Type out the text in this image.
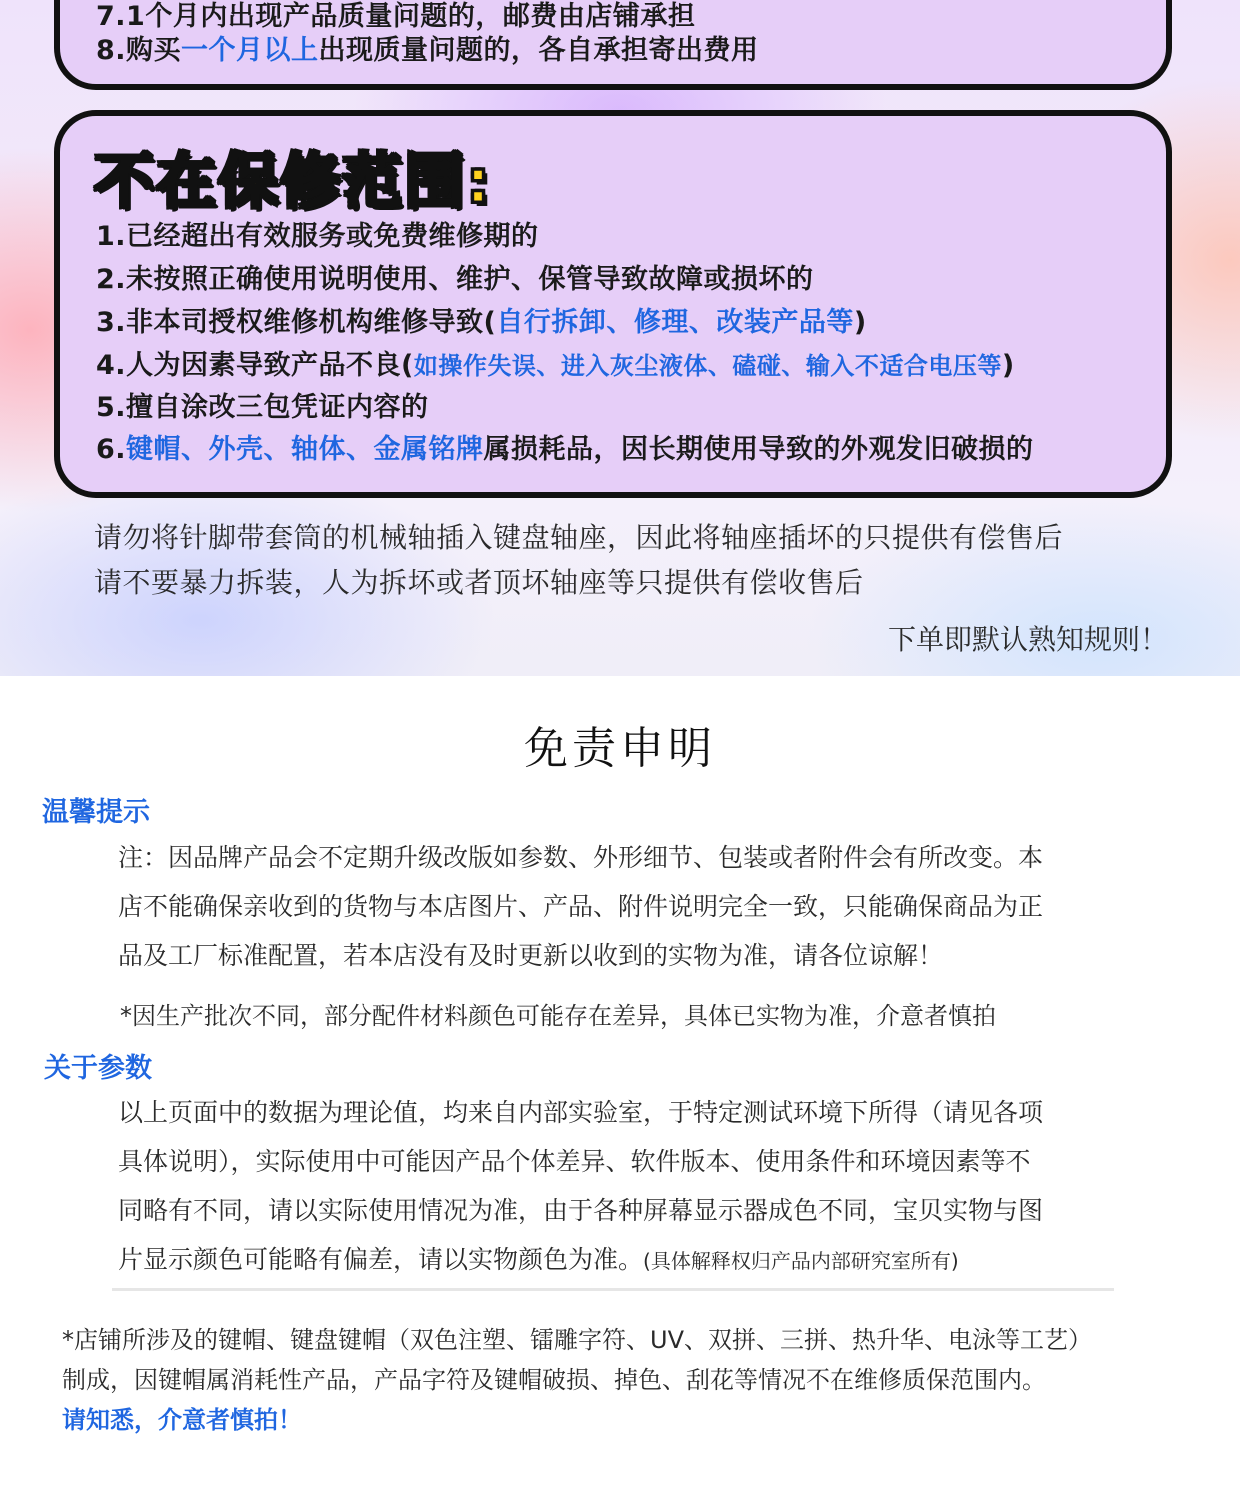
7.1个月内出现产品质量问题的，邮费由店铺承担
8.购买一个月以上出现质量问题的，各自承担寄出费用
不在保修范围:
1.已经超出有效服务或免费维修期的
2.未按照正确使用说明使用、维护、保管导致故障或损坏的
3.非本司授权维修机构维修导致(自行拆卸、修理、改装产品等)
4.人为因素导致产品不良(如操作失误、进入灰尘液体、磕碰、输入不适合电压等)
5.擅自涂改三包凭证内容的
6.键帽、外壳、轴体、金属铭牌属损耗品，因长期使用导致的外观发旧破损的
请勿将针脚带套筒的机械轴插入键盘轴座，因此将轴座插坏的只提供有偿售后
请不要暴力拆装，人为拆坏或者顶坏轴座等只提供有偿收售后
下单即默认熟知规则！
免责申明
温馨提示
注：因品牌产品会不定期升级改版如参数、外形细节、包装或者附件会有所改变。本
店不能确保亲收到的货物与本店图片、产品、附件说明完全一致，只能确保商品为正
品及工厂标准配置，若本店没有及时更新以收到的实物为准，请各位谅解！
*因生产批次不同，部分配件材料颜色可能存在差异，具体已实物为准，介意者慎拍
关于参数
以上页面中的数据为理论值，均来自内部实验室，于特定测试环境下所得（请见各项
具体说明），实际使用中可能因产品个体差异、软件版本、使用条件和环境因素等不
同略有不同，请以实际使用情况为准，由于各种屏幕显示器成色不同，宝贝实物与图
片显示颜色可能略有偏差，请以实物颜色为准。(具体解释权归产品内部研究室所有)
*店铺所涉及的键帽、键盘键帽（双色注塑、镭雕字符、UV、双拼、三拼、热升华、电泳等工艺）
制成，因键帽属消耗性产品，产品字符及键帽破损、掉色、刮花等情况不在维修质保范围内。
请知悉，介意者慎拍！
